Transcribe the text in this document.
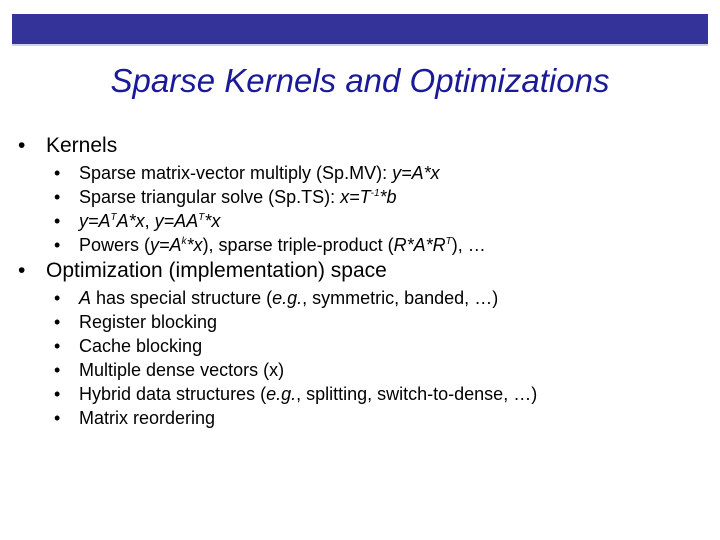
Sparse Kernels and Optimizations
• Kernels
• Sparse matrix-vector multiply (Sp.MV): y=A*x
• Sparse triangular solve (Sp.TS): $x=T^{-1}*b$
• $y=A^TA*x$, $y=AA^T*x$
• Powers $(y=A^k*x)$, sparse triple-product $(R*A*R^T)$, …
• Optimization (implementation) space
• A has special structure (e.g., symmetric, banded, …)
• Register blocking
• Cache blocking
• Multiple dense vectors (x)
• Hybrid data structures (e.g., splitting, switch-to-dense, …)
• Matrix reordering
